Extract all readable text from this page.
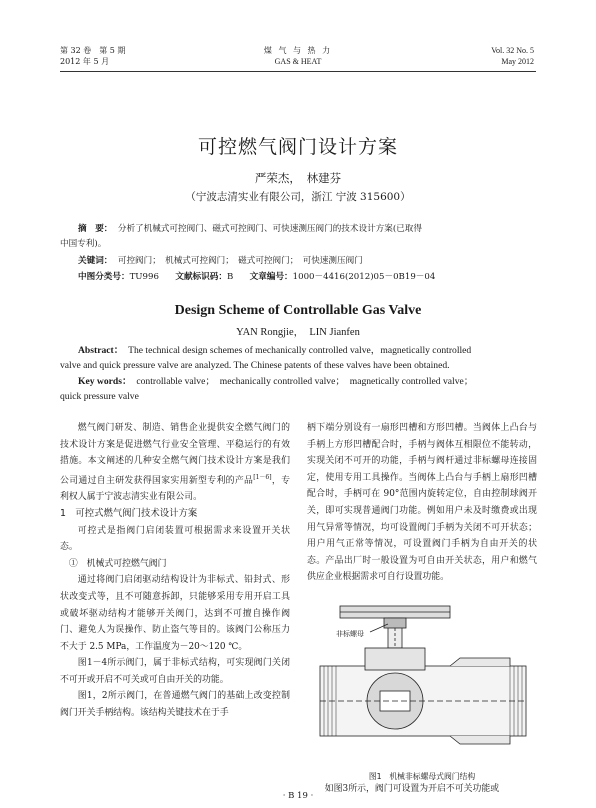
第 32 卷　第 5 期
2012 年 5 月
煤 气 与 热 力
GAS & HEAT
Vol. 32 No. 5
May 2012
可控燃气阀门设计方案
严荣杰，　林建芬
（宁波志清实业有限公司，浙江 宁波 315600）
摘　要： 分析了机械式可控阀门、磁式可控阀门、可快速测压阀门的技术设计方案(已取得
中国专利)。
关键词： 可控阀门；　机械式可控阀门；　磁式可控阀门；　可快速测压阀门
中图分类号：TU996 文献标识码：B 文章编号：1000－4416(2012)05－0B19－04
Design Scheme of Controllable Gas Valve
YAN Rongjie，　LIN Jianfen
Abstract： The technical design schemes of mechanically controlled valve，magnetically controlled
valve and quick pressure valve are analyzed. The Chinese patents of these valves have been obtained.
Key words： controllable valve；　mechanically controlled valve；　magnetically controlled valve；
quick pressure valve

燃气阀门研发、制造、销售企业提供安全燃气阀门的技术设计方案是促进燃气行业安全管理、平稳运行的有效措施。本文阐述的几种安全燃气阀门技术设计方案是我们公司通过自主研发获得国家实用新型专利的产品[1－6]，专利权人属于宁波志清实业有限公司。

1　可控式燃气阀门技术设计方案

可控式是指阀门启闭装置可根据需求来设置开关状态。

①　机械式可控燃气阀门

通过将阀门启闭驱动结构设计为非标式、铅封式、形状改变式等，且不可随意拆卸，只能够采用专用开启工具或破坏驱动结构才能够开关阀门，达到不可擅自操作阀门、避免人为误操作、防止盗气等目的。该阀门公称压力不大于 2.5 MPa，工作温度为－20～120 ℃。

图1－4所示阀门，属于非标式结构，可实现阀门关闭不可开或开启不可关或可自由开关的功能。

图1，2所示阀门，在普通燃气阀门的基础上改变控制阀门开关手柄结构。该结构关键技术在于手

柄下端分别设有一扇形凹槽和方形凹槽。当阀体上凸台与手柄上方形凹槽配合时，手柄与阀体互相限位不能转动，实现关闭不可开的功能，手柄与阀杆通过非标螺母连接固定，使用专用工具操作。当阀体上凸台与手柄上扇形凹槽配合时，手柄可在 90°范围内旋转定位，自由控制球阀开关，即可实现普通阀门功能。例如用户未及时缴费或出现用气异常等情况，均可设置阀门手柄为关闭不可开状态；用户用气正常等情况，可设置阀门手柄为自由开关的状态。产品出厂时一般设置为可自由开关状态，用户和燃气供应企业根据需求可自行设置功能。

非标螺母
图1　机械非标螺母式阀门结构

如图3所示，阀门可设置为开启不可关功能或

· B 19 ·
